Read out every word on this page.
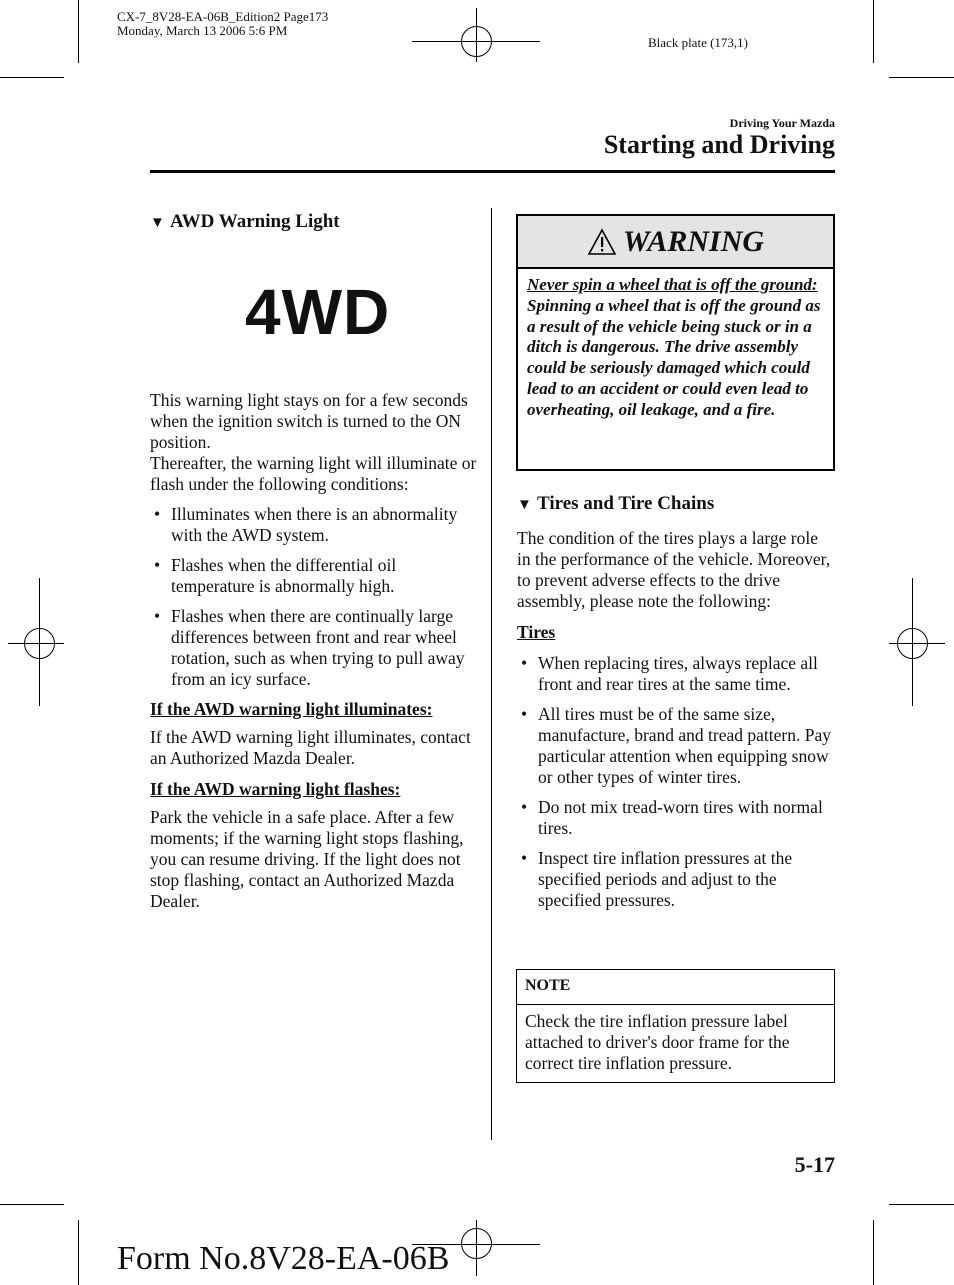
CX-7_8V28-EA-06B_Edition2 Page173
Monday, March 13 2006 5:6 PM
Black plate (173,1)
Driving Your Mazda
Starting and Driving
▼ AWD Warning Light
4WD

This warning light stays on for a few seconds when the ignition switch is turned to the ON position.

Thereafter, the warning light will illuminate or flash under the following conditions:

• Illuminates when there is an abnormality with the AWD system.
• Flashes when the differential oil temperature is abnormally high.
• Flashes when there are continually large differences between front and rear wheel rotation, such as when trying to pull away from an icy surface.

If the AWD warning light illuminates:

If the AWD warning light illuminates, contact an Authorized Mazda Dealer.

If the AWD warning light flashes:

Park the vehicle in a safe place. After a few moments; if the warning light stops flashing, you can resume driving. If the light does not stop flashing, contact an Authorized Mazda Dealer.

WARNING
Never spin a wheel that is off the ground:
Spinning a wheel that is off the ground as a result of the vehicle being stuck or in a ditch is dangerous. The drive assembly could be seriously damaged which could lead to an accident or could even lead to overheating, oil leakage, and a fire.
▼ Tires and Tire Chains

The condition of the tires plays a large role in the performance of the vehicle. Moreover, to prevent adverse effects to the drive assembly, please note the following:

Tires

• When replacing tires, always replace all front and rear tires at the same time.
• All tires must be of the same size, manufacture, brand and tread pattern. Pay particular attention when equipping snow or other types of winter tires.
• Do not mix tread-worn tires with normal tires.
• Inspect tire inflation pressures at the specified periods and adjust to the specified pressures.
NOTE
Check the tire inflation pressure label attached to driver's door frame for the correct tire inflation pressure.
5-17
Form No.8V28-EA-06B
